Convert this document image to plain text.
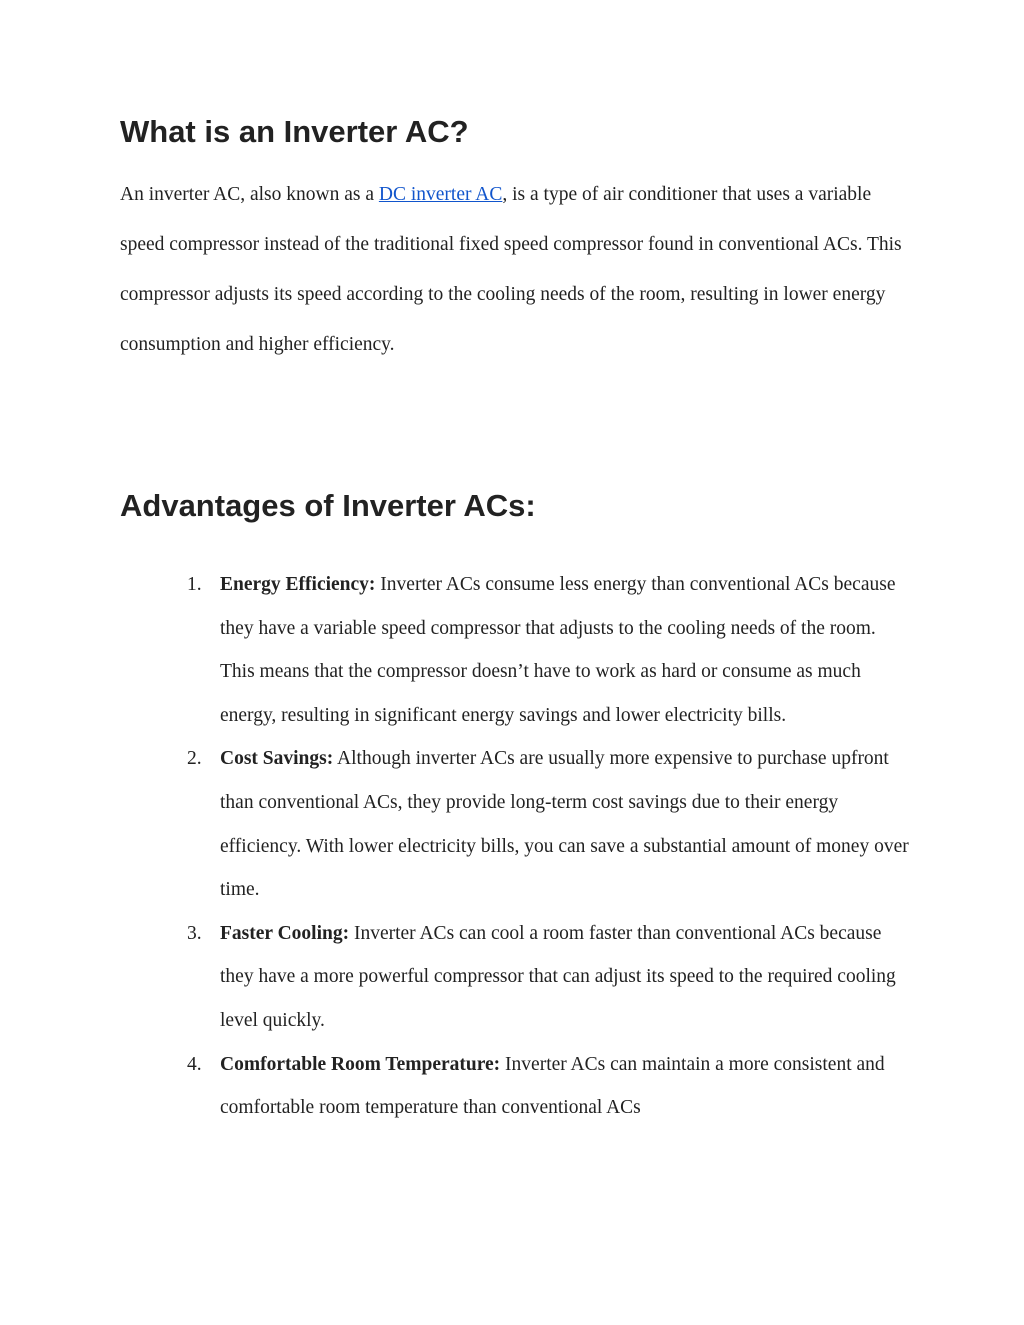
What is an Inverter AC?

An inverter AC, also known as a DC inverter AC, is a type of air conditioner that uses a variable speed compressor instead of the traditional fixed speed compressor found in conventional ACs. This compressor adjusts its speed according to the cooling needs of the room, resulting in lower energy consumption and higher efficiency.

Advantages of Inverter ACs:
1. Energy Efficiency: Inverter ACs consume less energy than conventional ACs because they have a variable speed compressor that adjusts to the cooling needs of the room. This means that the compressor doesn’t have to work as hard or consume as much energy, resulting in significant energy savings and lower electricity bills.
2. Cost Savings: Although inverter ACs are usually more expensive to purchase upfront than conventional ACs, they provide long-term cost savings due to their energy efficiency. With lower electricity bills, you can save a substantial amount of money over time.
3. Faster Cooling: Inverter ACs can cool a room faster than conventional ACs because they have a more powerful compressor that can adjust its speed to the required cooling level quickly.
4. Comfortable Room Temperature: Inverter ACs can maintain a more consistent and comfortable room temperature than conventional ACs
